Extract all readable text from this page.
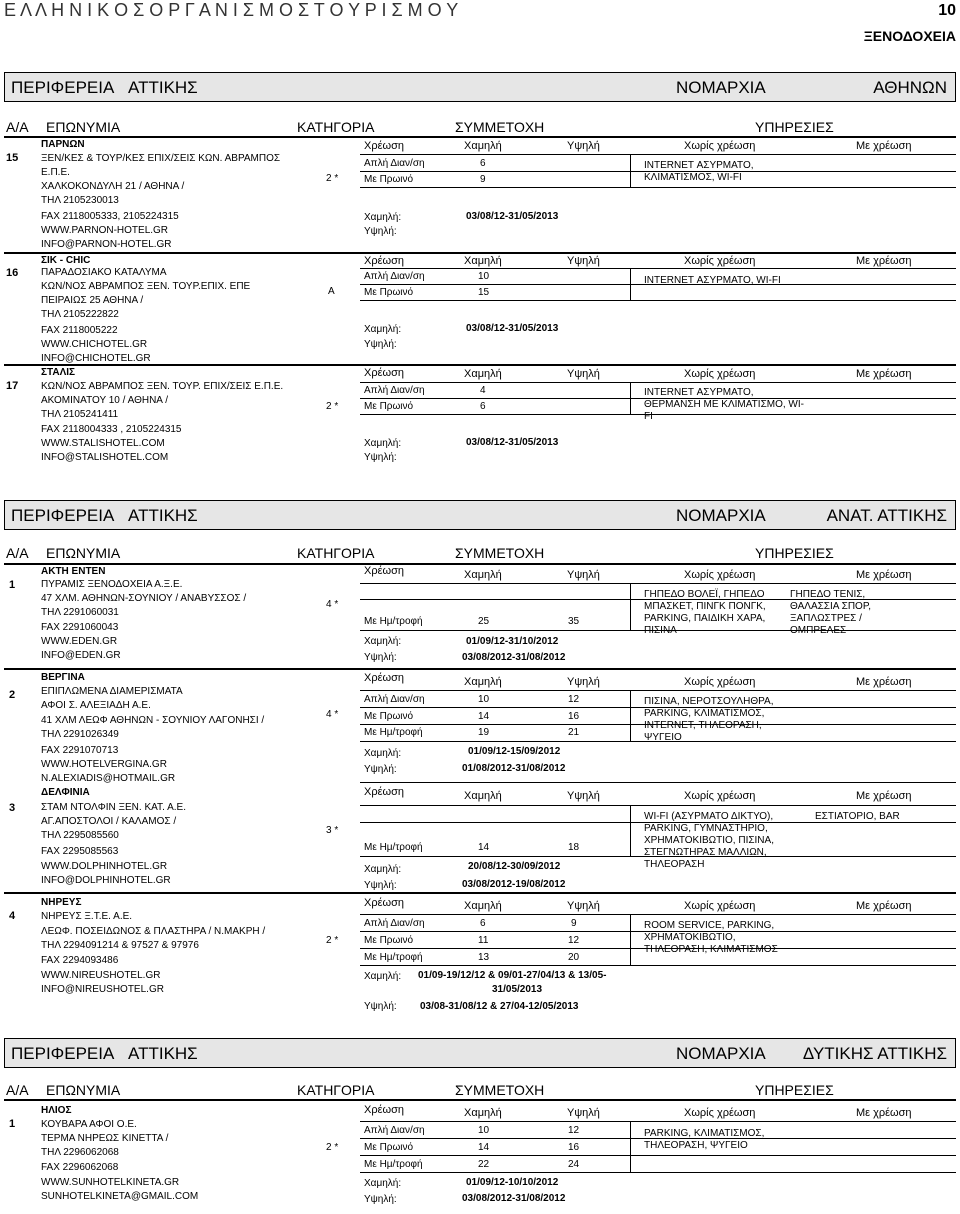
Ε Λ Λ Η Ν Ι Κ Ο Σ Ο Ρ Γ Α Ν Ι Σ Μ Ο Σ Τ Ο Υ Ρ Ι Σ Μ Ο Υ	10
ΞΕΝΟΔΟΧΕΙΑ
ΠΕΡΙΦΕΡΕΙΑ ΑΤΤΙΚΗΣ	ΝΟΜΑΡΧΙΑ	ΑΘΗΝΩΝ
Α/Α ΕΠΩΝΥΜΙΑ	ΚΑΤΗΓΟΡΙΑ	ΣΥΜΜΕΤΟΧΗ	ΥΠΗΡΕΣΙΕΣ
ΠΑΡΝΩΝ
15 ΞΕΝ/ΚΕΣ & ΤΟΥΡ/ΚΕΣ ΕΠΙΧ/ΣΕΙΣ ΚΩΝ. ΑΒΡΑΜΠΟΣ
Ε.Π.Ε.
ΧΑΛΚΟΚΟΝΔΥΛΗ 21 / ΑΘΗΝΑ /
ΤΗΛ 2105230013
FAX 2118005333, 2105224315
WWW.PARNON-HOTEL.GR
INFO@PARNON-HOTEL.GR
2 *
Χρέωση	Χαμηλή	Υψηλή	Χωρίς χρέωση	Με χρέωση
Απλή Διαν/ση	6
Με Πρωινό	9
INTERNET ΑΣΥΡΜΑΤΟ, ΚΛΙΜΑΤΙΣΜΟΣ, WI-FI
Χαμηλή:	03/08/12-31/05/2013
Υψηλή:
ΣΙΚ - CHIC
16 ΠΑΡΑΔΟΣΙΑΚΟ ΚΑΤΑΛΥΜΑ
ΚΩΝ/ΝΟΣ ΑΒΡΑΜΠΟΣ ΞΕΝ. ΤΟΥΡ.ΕΠΙΧ. ΕΠΕ
ΠΕΙΡΑΙΩΣ 25 ΑΘΗΝΑ /
ΤΗΛ 2105222822
FAX 2118005222
WWW.CHICHOTEL.GR
INFO@CHICHOTEL.GR
Α
Χρέωση	Χαμηλή	Υψηλή	Χωρίς χρέωση	Με χρέωση
Απλή Διαν/ση	10
Με Πρωινό	15
INTERNET ΑΣΥΡΜΑΤΟ, WI-FI
Χαμηλή:	03/08/12-31/05/2013
Υψηλή:
ΣΤΑΛΙΣ
17 ΚΩΝ/ΝΟΣ ΑΒΡΑΜΠΟΣ ΞΕΝ. ΤΟΥΡ. ΕΠΙΧ/ΣΕΙΣ Ε.Π.Ε.
ΑΚΟΜΙΝΑΤΟΥ 10 / ΑΘΗΝΑ /
ΤΗΛ 2105241411
FAX 2118004333 , 2105224315
WWW.STALISHOTEL.COM
INFO@STALISHOTEL.COM
2 *
Χρέωση	Χαμηλή	Υψηλή	Χωρίς χρέωση	Με χρέωση
Απλή Διαν/ση	4
Με Πρωινό	6
INTERNET ΑΣΥΡΜΑΤΟ, ΘΕΡΜΑΝΣΗ ΜΕ ΚΛΙΜΑΤΙΣΜΟ, WI-FI
Χαμηλή:	03/08/12-31/05/2013
Υψηλή:
ΠΕΡΙΦΕΡΕΙΑ ΑΤΤΙΚΗΣ	ΝΟΜΑΡΧΙΑ	ΑΝΑΤ. ΑΤΤΙΚΗΣ
Α/Α ΕΠΩΝΥΜΙΑ	ΚΑΤΗΓΟΡΙΑ	ΣΥΜΜΕΤΟΧΗ	ΥΠΗΡΕΣΙΕΣ
ΑΚΤΗ ΕΝΤΕΝ
1	ΠΥΡΑΜΙΣ ΞΕΝΟΔΟΧΕΙΑ Α.Ξ.Ε.
47 ΧΛΜ. ΑΘΗΝΩΝ-ΣΟΥΝΙΟΥ / ΑΝΑΒΥΣΣΟΣ /
ΤΗΛ 2291060031
FAX 2291060043
WWW.EDEN.GR
INFO@EDEN.GR
4 *
Χρέωση	Χαμηλή	Υψηλή	Χωρίς χρέωση	Με χρέωση
Με Ημ/τροφή	25	35
ΓΗΠΕΔΟ ΒΟΛΕΪ, ΓΗΠΕΔΟ ΜΠΑΣΚΕΤ, ΠΙΝΓΚ ΠΟΝΓΚ, PARKING, ΠΑΙΔΙΚΗ ΧΑΡΑ, ΠΙΣΙΝΑ
ΓΗΠΕΔΟ ΤΕΝΙΣ, ΘΑΛΑΣΣΙΑ ΣΠΟΡ, ΞΑΠΛΩΣΤΡΕΣ / ΟΜΠΡΕΛΕΣ
Χαμηλή:	01/09/12-31/10/2012
Υψηλή:	03/08/2012-31/08/2012
ΒΕΡΓΙΝΑ
2	ΕΠΙΠΛΩΜΕΝΑ ΔΙΑΜΕΡΙΣΜΑΤΑ
ΑΦΟΙ Σ. ΑΛΕΞΙΑΔΗ Α.Ε.
41 ΧΛΜ ΛΕΩΦ ΑΘΗΝΩΝ - ΣΟΥΝΙΟΥ ΛΑΓΟΝΗΣΙ /
ΤΗΛ 2291026349
FAX 2291070713
WWW.HOTELVERGINA.GR
N.ALEXIADIS@HOTMAIL.GR
4 *
Χρέωση	Χαμηλή	Υψηλή	Χωρίς χρέωση	Με χρέωση
Απλή Διαν/ση	10	12
Με Πρωινό	14	16
Με Ημ/τροφή	19	21
ΠΙΣΙΝΑ, ΝΕΡΟΤΣΟΥΛΗΘΡΑ, PARKING, ΚΛΙΜΑΤΙΣΜΟΣ, INTERNET, ΤΗΛΕΟΡΑΣΗ, ΨΥΓΕΙΟ
Χαμηλή:	01/09/12-15/09/2012
Υψηλή:	01/08/2012-31/08/2012
ΔΕΛΦΙΝΙΑ
3	ΣΤΑΜ ΝΤΟΛΦΙΝ ΞΕΝ. ΚΑΤ. Α.Ε.
ΑΓ.ΑΠΟΣΤΟΛΟΙ / ΚΑΛΑΜΟΣ /
ΤΗΛ 2295085560
FAX 2295085563
WWW.DOLPHINHOTEL.GR
INFO@DOLPHINHOTEL.GR
3 *
Χρέωση	Χαμηλή	Υψηλή	Χωρίς χρέωση	Με χρέωση
Με Ημ/τροφή	14	18
WI-FI (ΑΣΥΡΜΑΤΟ ΔΙΚΤΥΟ), PARKING, ΓΥΜΝΑΣΤΗΡΙΟ, ΧΡΗΜΑΤΟΚΙΒΩΤΙΟ, ΠΙΣΙΝΑ, ΣΤΕΓΝΩΤΗΡΑΣ ΜΑΛΛΙΩΝ, ΤΗΛΕΟΡΑΣΗ
ΕΣΤΙΑΤΟΡΙΟ, BAR
Χαμηλή:	20/08/12-30/09/2012
Υψηλή:	03/08/2012-19/08/2012
ΝΗΡΕΥΣ
4	ΝΗΡΕΥΣ Ξ.Τ.Ε. Α.Ε.
ΛΕΩΦ. ΠΟΣΕΙΔΩΝΟΣ & ΠΛΑΣΤΗΡΑ / Ν.ΜΑΚΡΗ /
ΤΗΛ 2294091214 & 97527 & 97976
FAX 2294093486
WWW.NIREUSHOTEL.GR
INFO@NIREUSHOTEL.GR
2 *
Χρέωση	Χαμηλή	Υψηλή	Χωρίς χρέωση	Με χρέωση
Απλή Διαν/ση	6	9
Με Πρωινό	11	12
Με Ημ/τροφή	13	20
ROOM SERVICE, PARKING, ΧΡΗΜΑΤΟΚΙΒΩΤΙΟ, ΤΗΛΕΟΡΑΣΗ, ΚΛΙΜΑΤΙΣΜΟΣ
Χαμηλή: 01/09-19/12/12 & 09/01-27/04/13 & 13/05-
31/05/2013
Υψηλή: 03/08-31/08/12 & 27/04-12/05/2013
ΠΕΡΙΦΕΡΕΙΑ ΑΤΤΙΚΗΣ	ΝΟΜΑΡΧΙΑ ΔΥΤΙΚΗΣ ΑΤΤΙΚΗΣ
Α/Α ΕΠΩΝΥΜΙΑ	ΚΑΤΗΓΟΡΙΑ	ΣΥΜΜΕΤΟΧΗ	ΥΠΗΡΕΣΙΕΣ
ΗΛΙΟΣ
1	ΚΟΥΒΑΡΑ ΑΦΟΙ Ο.Ε.
ΤΕΡΜΑ ΝΗΡΕΩΣ ΚΙΝΕΤΤΑ /
ΤΗΛ 2296062068
FAX 2296062068
WWW.SUNHOTELKINETA.GR
SUNHOTELKINETA@GMAIL.COM
2 *
Χρέωση	Χαμηλή	Υψηλή	Χωρίς χρέωση	Με χρέωση
Απλή Διαν/ση	10	12
Με Πρωινό	14	16
Με Ημ/τροφή	22	24
PARKING, ΚΛΙΜΑΤΙΣΜΟΣ, ΤΗΛΕΟΡΑΣΗ, ΨΥΓΕΙΟ
Χαμηλή:	01/09/12-10/10/2012
Υψηλή:	03/08/2012-31/08/2012
